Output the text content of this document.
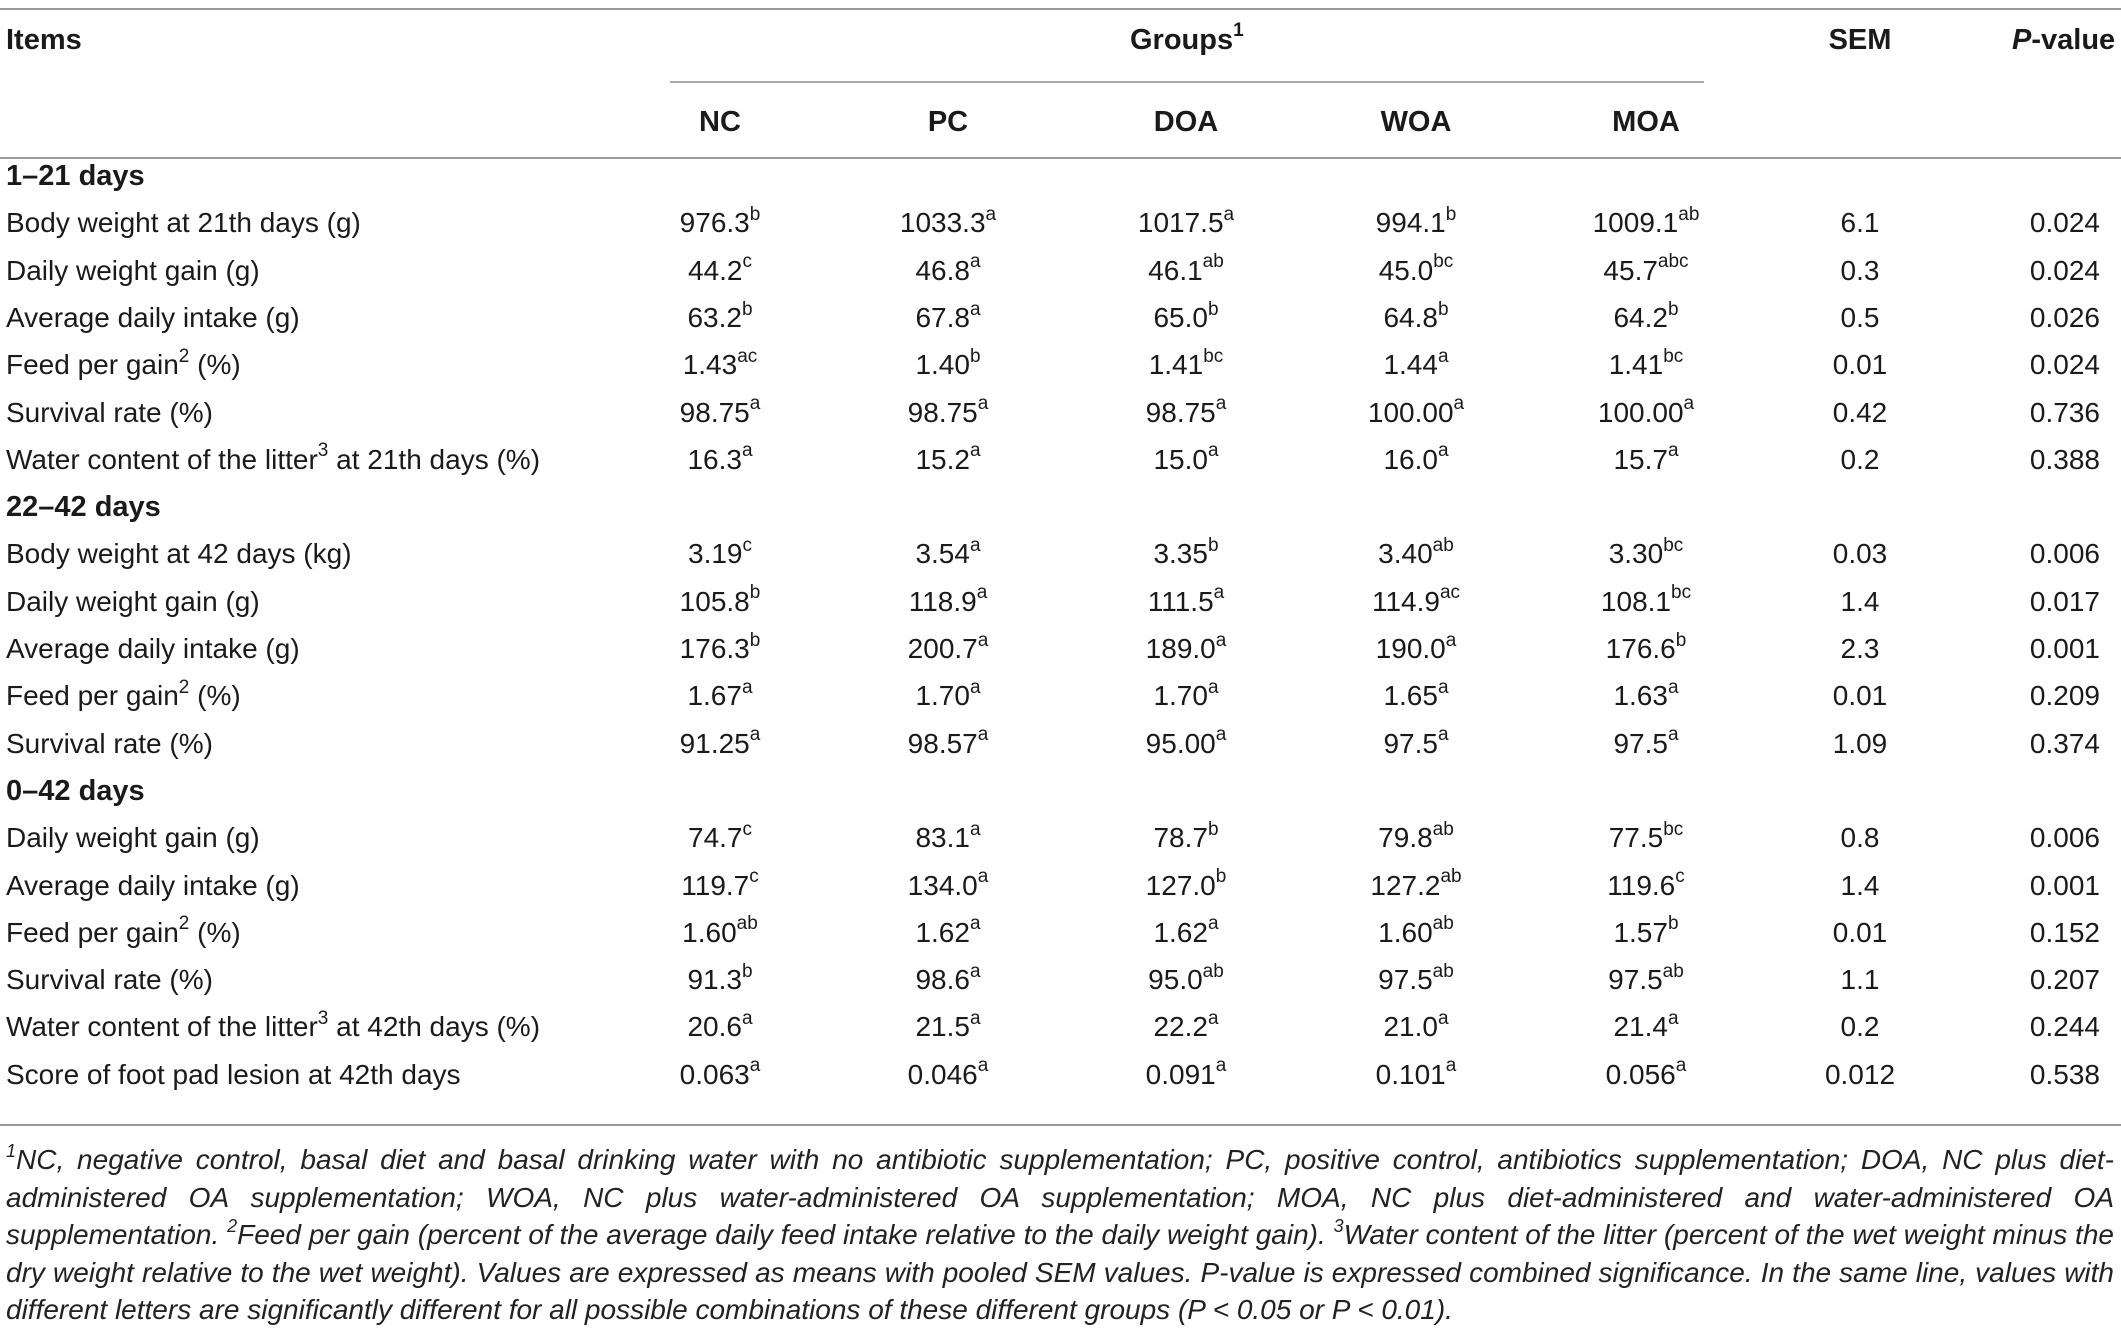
Items	Groups$^1$	SEM	P-value
NC	PC	DOA	WOA	MOA
1–21 days
Body weight at 21th days (g)	976.3$^b$	1033.3$^a$	1017.5$^a$	994.1$^b$	1009.1$^{ab}$	6.1	0.024
Daily weight gain (g)	44.2$^c$	46.8$^a$	46.1$^{ab}$	45.0$^{bc}$	45.7$^{abc}$	0.3	0.024
Average daily intake (g)	63.2$^b$	67.8$^a$	65.0$^b$	64.8$^b$	64.2$^b$	0.5	0.026
Feed per gain$^2$ (%)	1.43$^{ac}$	1.40$^b$	1.41$^{bc}$	1.44$^a$	1.41$^{bc}$	0.01	0.024
Survival rate (%)	98.75$^a$	98.75$^a$	98.75$^a$	100.00$^a$	100.00$^a$	0.42	0.736
Water content of the litter$^3$ at 21th days (%)	16.3$^a$	15.2$^a$	15.0$^a$	16.0$^a$	15.7$^a$	0.2	0.388
22–42 days
Body weight at 42 days (kg)	3.19$^c$	3.54$^a$	3.35$^b$	3.40$^{ab}$	3.30$^{bc}$	0.03	0.006
Daily weight gain (g)	105.8$^b$	118.9$^a$	111.5$^a$	114.9$^{ac}$	108.1$^{bc}$	1.4	0.017
Average daily intake (g)	176.3$^b$	200.7$^a$	189.0$^a$	190.0$^a$	176.6$^b$	2.3	0.001
Feed per gain$^2$ (%)	1.67$^a$	1.70$^a$	1.70$^a$	1.65$^a$	1.63$^a$	0.01	0.209
Survival rate (%)	91.25$^a$	98.57$^a$	95.00$^a$	97.5$^a$	97.5$^a$	1.09	0.374
0–42 days
Daily weight gain (g)	74.7$^c$	83.1$^a$	78.7$^b$	79.8$^{ab}$	77.5$^{bc}$	0.8	0.006
Average daily intake (g)	119.7$^c$	134.0$^a$	127.0$^b$	127.2$^{ab}$	119.6$^c$	1.4	0.001
Feed per gain$^2$ (%)	1.60$^{ab}$	1.62$^a$	1.62$^a$	1.60$^{ab}$	1.57$^b$	0.01	0.152
Survival rate (%)	91.3$^b$	98.6$^a$	95.0$^{ab}$	97.5$^{ab}$	97.5$^{ab}$	1.1	0.207
Water content of the litter$^3$ at 42th days (%)	20.6$^a$	21.5$^a$	22.2$^a$	21.0$^a$	21.4$^a$	0.2	0.244
Score of foot pad lesion at 42th days	0.063$^a$	0.046$^a$	0.091$^a$	0.101$^a$	0.056$^a$	0.012	0.538
$^1$NC, negative control, basal diet and basal drinking water with no antibiotic supplementation; PC, positive control, antibiotics supplementation; DOA, NC plus diet-administered OA supplementation; WOA, NC plus water-administered OA supplementation; MOA, NC plus diet-administered and water-administered OA supplementation. $^2$Feed per gain (percent of the average daily feed intake relative to the daily weight gain). $^3$Water content of the litter (percent of the wet weight minus the dry weight relative to the wet weight). Values are expressed as means with pooled SEM values. P-value is expressed combined significance. In the same line, values with different letters are significantly different for all possible combinations of these different groups (P < 0.05 or P < 0.01).
